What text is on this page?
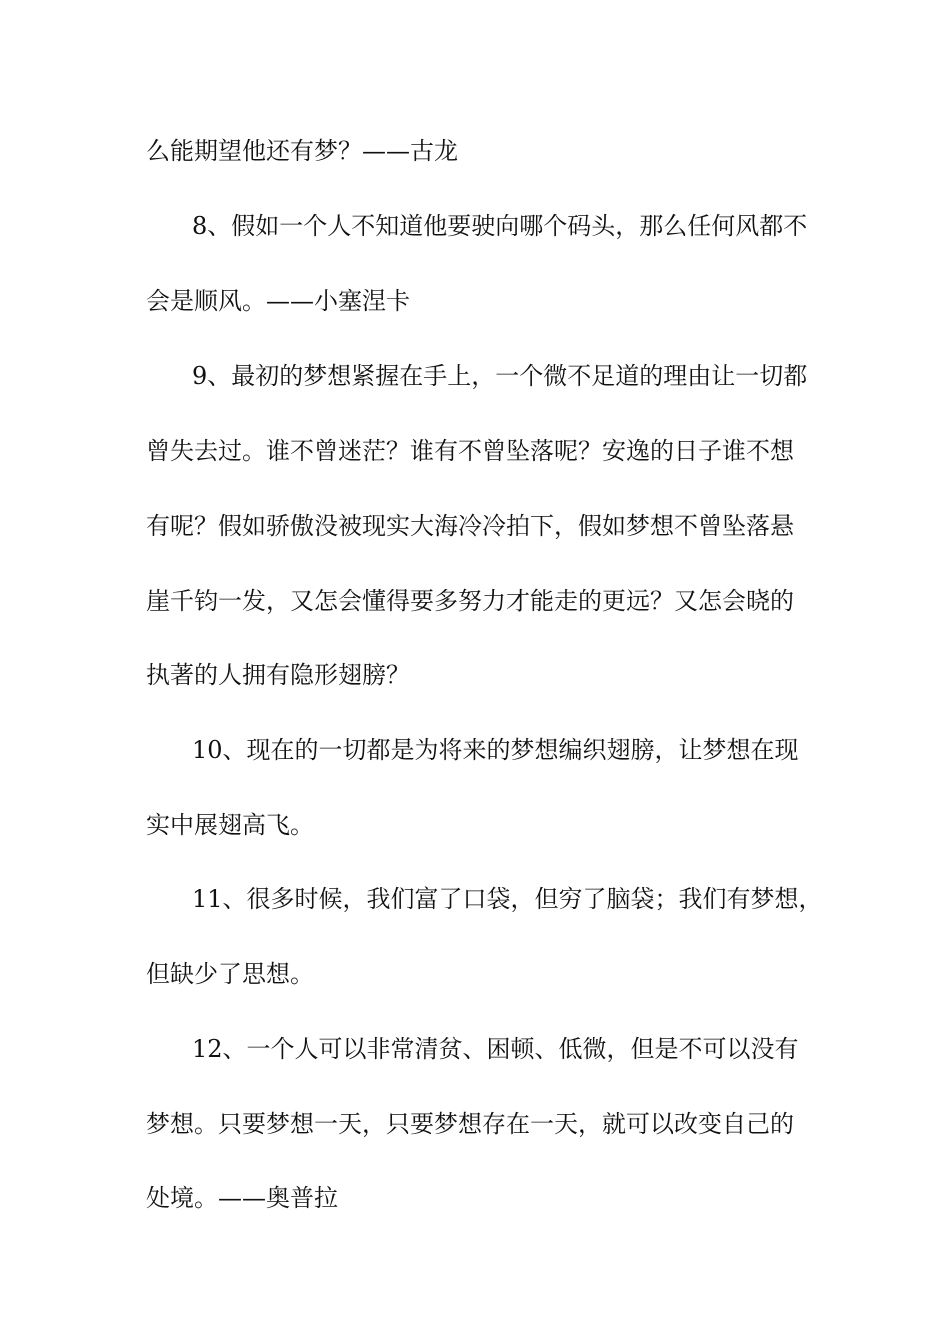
么能期望他还有梦？——古龙
8、假如一个人不知道他要驶向哪个码头，那么任何风都不
会是顺风。——小塞涅卡
9、最初的梦想紧握在手上，一个微不足道的理由让一切都
曾失去过。谁不曾迷茫？谁有不曾坠落呢？安逸的日子谁不想
有呢？假如骄傲没被现实大海冷冷拍下，假如梦想不曾坠落悬
崖千钧一发，又怎会懂得要多努力才能走的更远？又怎会晓的
执著的人拥有隐形翅膀？
10、现在的一切都是为将来的梦想编织翅膀，让梦想在现
实中展翅高飞。
11、很多时候，我们富了口袋，但穷了脑袋；我们有梦想，
但缺少了思想。
12、一个人可以非常清贫、困顿、低微，但是不可以没有
梦想。只要梦想一天，只要梦想存在一天，就可以改变自己的
处境。——奥普拉
